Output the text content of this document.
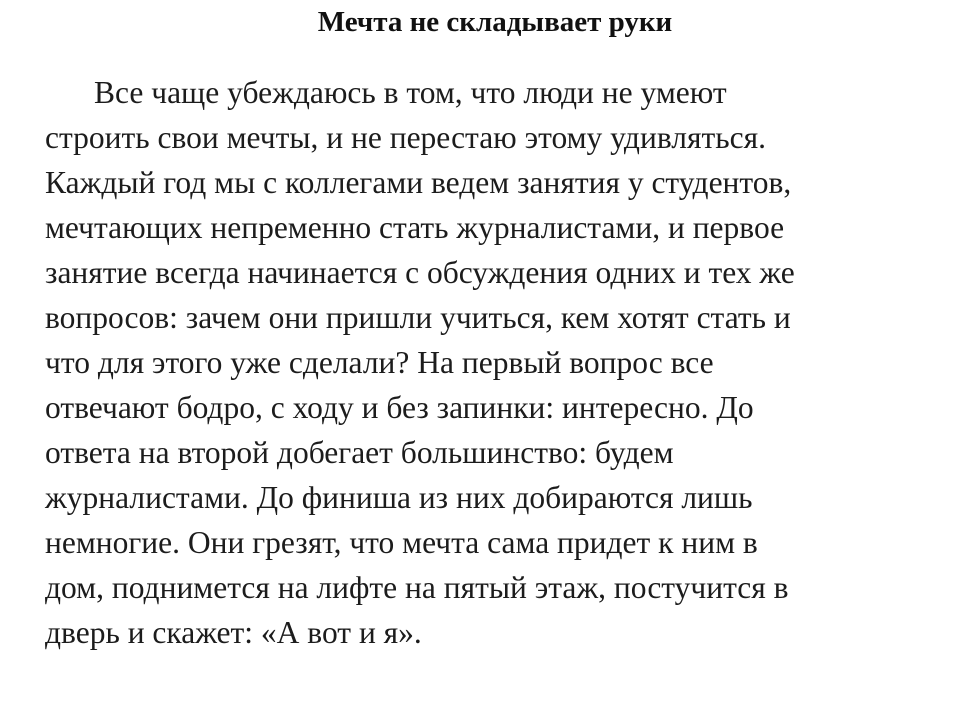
Мечта не складывает руки

Все чаще убеждаюсь в том, что люди не умеют
строить свои мечты, и не перестаю этому удивляться.
Каждый год мы с коллегами ведем занятия у студентов,
мечтающих непременно стать журналистами, и первое
занятие всегда начинается с обсуждения одних и тех же
вопросов: зачем они пришли учиться, кем хотят стать и
что для этого уже сделали? На первый вопрос все
отвечают бодро, с ходу и без запинки: интересно. До
ответа на второй добегает большинство: будем
журналистами. До финиша из них добираются лишь
немногие. Они грезят, что мечта сама придет к ним в
дом, поднимется на лифте на пятый этаж, постучится в
дверь и скажет: «А вот и я».
